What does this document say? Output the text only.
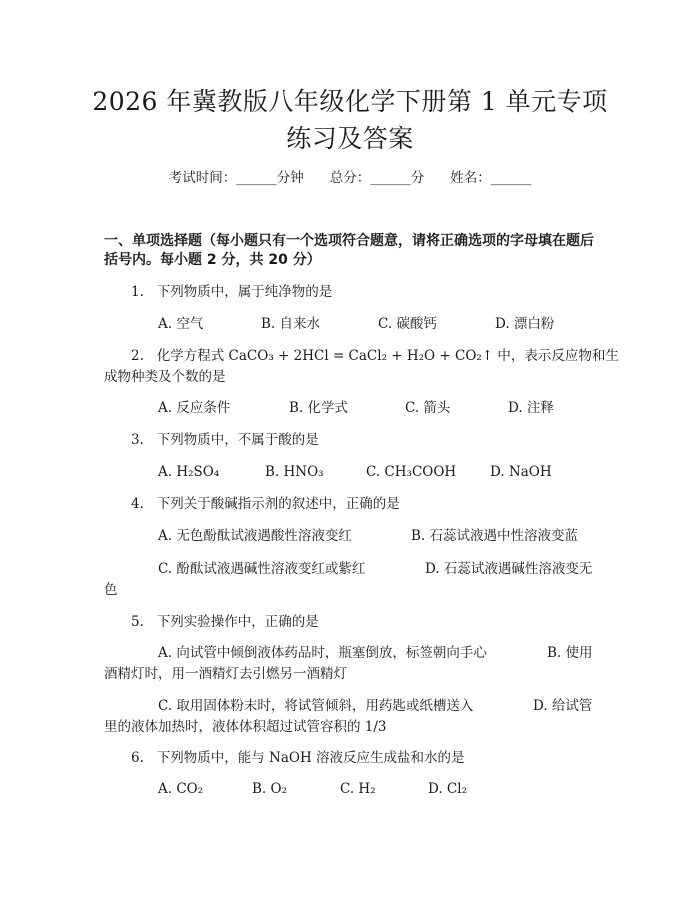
2026 年冀教版八年级化学下册第 1 单元专项
练习及答案
考试时间：______分钟 总分：______分 姓名：______
一、单项选择题（每小题只有一个选项符合题意，请将正确选项的字母填在题后
括号内。每小题 2 分，共 20 分）
1. 下列物质中，属于纯净物的是
A. 空气	B. 自来水	C. 碳酸钙	D. 漂白粉
2. 化学方程式 CaCO₃ + 2HCl = CaCl₂ + H₂O + CO₂↑ 中，表示反应物和生
成物种类及个数的是
A. 反应条件	B. 化学式	C. 箭头	D. 注释
3. 下列物质中，不属于酸的是
A. H₂SO₄	B. HNO₃	C. CH₃COOH	D. NaOH
4. 下列关于酸碱指示剂的叙述中，正确的是
A. 无色酚酞试液遇酸性溶液变红	B. 石蕊试液遇中性溶液变蓝
C. 酚酞试液遇碱性溶液变红或紫红	D. 石蕊试液遇碱性溶液变无
色
5. 下列实验操作中，正确的是
A. 向试管中倾倒液体药品时，瓶塞倒放，标签朝向手心	B. 使用
酒精灯时，用一酒精灯去引燃另一酒精灯
C. 取用固体粉末时，将试管倾斜，用药匙或纸槽送入	D. 给试管
里的液体加热时，液体体积超过试管容积的 1/3
6. 下列物质中，能与 NaOH 溶液反应生成盐和水的是
A. CO₂	B. O₂	C. H₂	D. Cl₂
